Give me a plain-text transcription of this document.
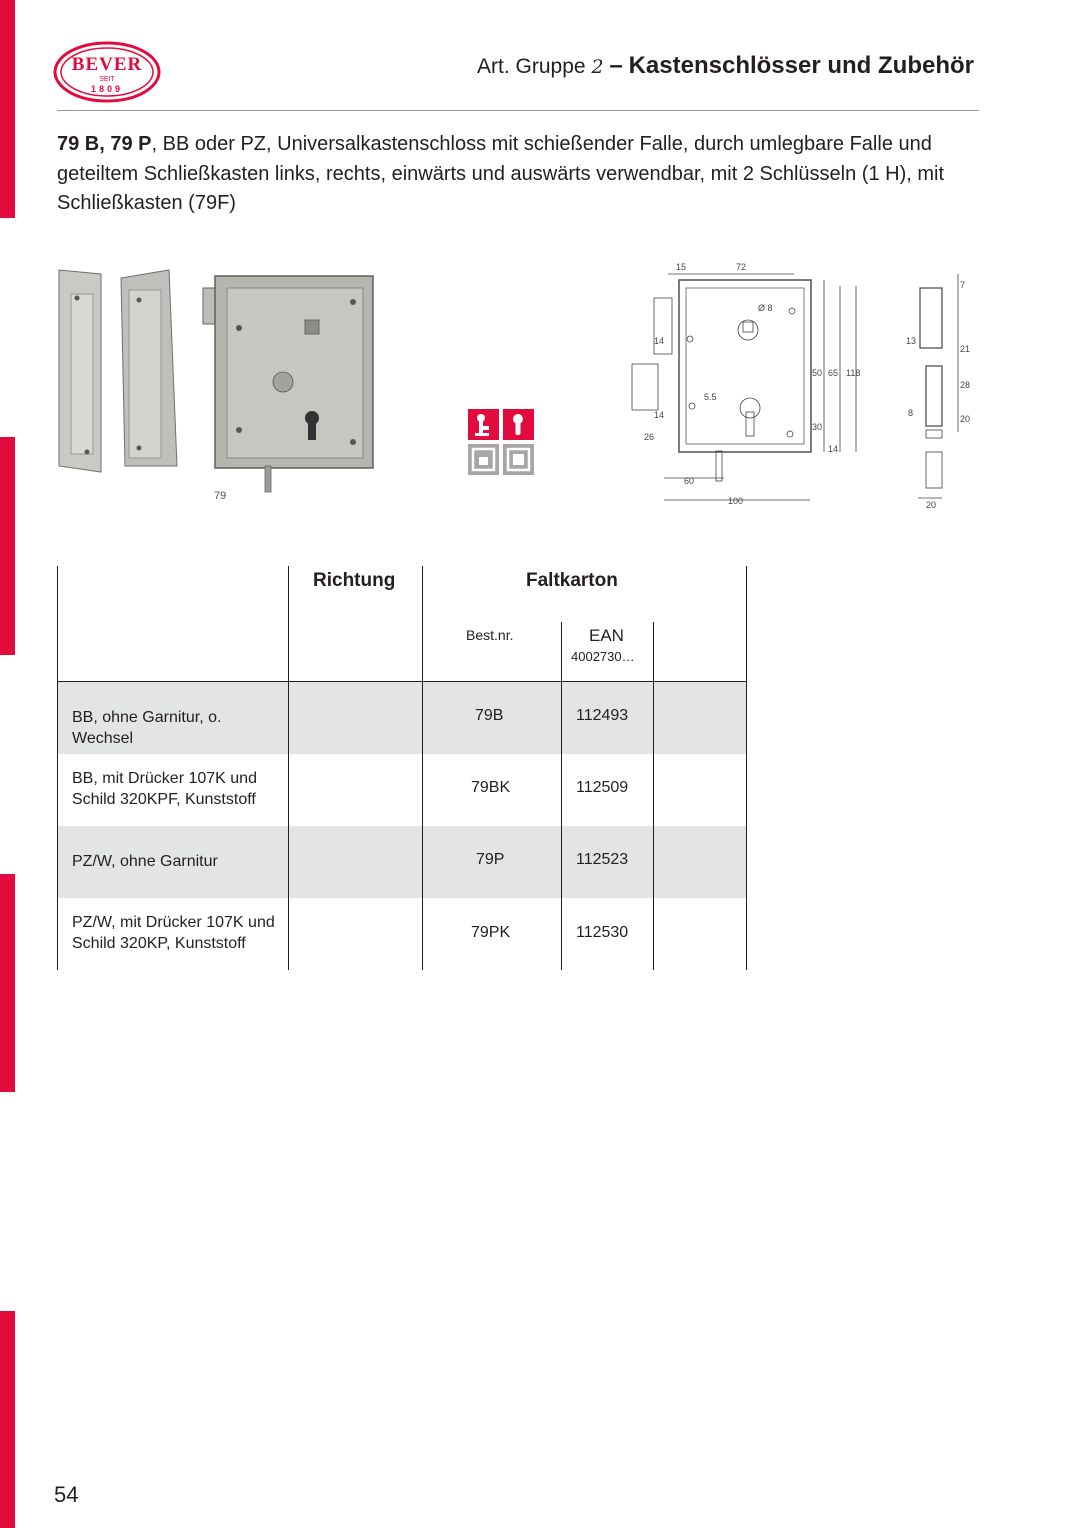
BEVER
SEIT
1809
Art. Gruppe 2 – Kastenschlösser und Zubehör

79 B, 79 P, BB oder PZ, Universalkastenschloss mit schießender Falle, durch umlegbare Falle und geteiltem Schließkasten links, rechts, einwärts und auswärts verwendbar, mit 2 Schlüsseln (1 H), mit Schließkasten (79F)

79
15	72
Ø 8
14
5.5
50 65 118
14
26
30
14
60
100
7
13
21
28
8
20
20
Richtung	Faltkarton
Best.nr.	EAN
4002730…
BB, ohne Garnitur, o. Wechsel
79B	112493
BB, mit Drücker 107K und Schild 320KPF, Kunststoff
79BK	112509
PZ/W, ohne Garnitur	79P	112523
PZ/W, mit Drücker 107K und Schild 320KP, Kunststoff
79PK	112530
54
